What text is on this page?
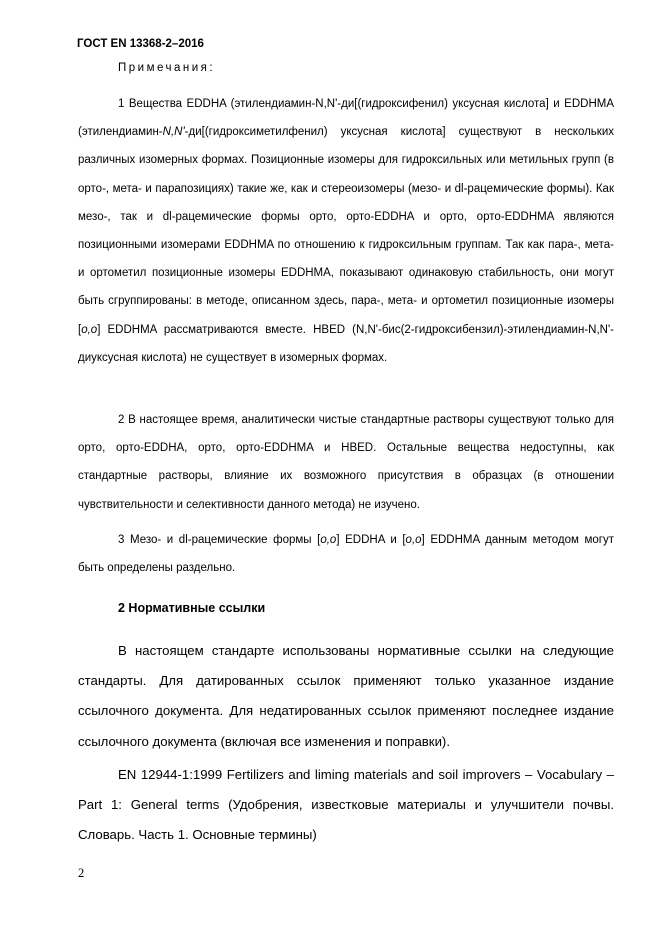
ГОСТ EN 13368-2–2016
Примечания:

1 Вещества EDDHA (этилендиамин-N,N'-ди[(гидроксифенил) уксусная кислота] и EDDHMA (этилендиамин-N,N'-ди[(гидроксиметилфенил) уксусная кислота] существуют в нескольких различных изомерных формах. Позиционные изомеры для гидроксильных или метильных групп (в орто-, мета- и парапозициях) такие же, как и стереоизомеры (мезо- и dl-рацемические формы). Как мезо-, так и dl-рацемические формы орто, орто-EDDHA и орто, орто-EDDHMA являются позиционными изомерами EDDHMA по отношению к гидроксильным группам. Так как пара-, мета- и ортометил позиционные изомеры EDDHMA, показывают одинаковую стабильность, они могут быть сгруппированы: в методе, описанном здесь, пара-, мета- и ортометил позиционные изомеры [o,o] EDDHMA рассматриваются вместе. HBED (N,N'-бис(2-гидроксибензил)-этилендиамин-N,N'-диуксусная кислота) не существует в изомерных формах.

2 В настоящее время, аналитически чистые стандартные растворы существуют только для орто, орто-EDDHA, орто, орто-EDDHMA и HBED. Остальные вещества недоступны, как стандартные растворы, влияние их возможного присутствия в образцах (в отношении чувствительности и селективности данного метода) не изучено.

3 Мезо- и dl-рацемические формы [o,o] EDDHA и [o,o] EDDHMA данным методом могут быть определены раздельно.

2 Нормативные ссылки

В настоящем стандарте использованы нормативные ссылки на следующие стандарты. Для датированных ссылок применяют только указанное издание ссылочного документа. Для недатированных ссылок применяют последнее издание ссылочного документа (включая все изменения и поправки).

EN 12944-1:1999 Fertilizers and liming materials and soil improvers – Vocabulary – Part 1: General terms (Удобрения, известковые материалы и улучшители почвы. Словарь. Часть 1. Основные термины)

2
